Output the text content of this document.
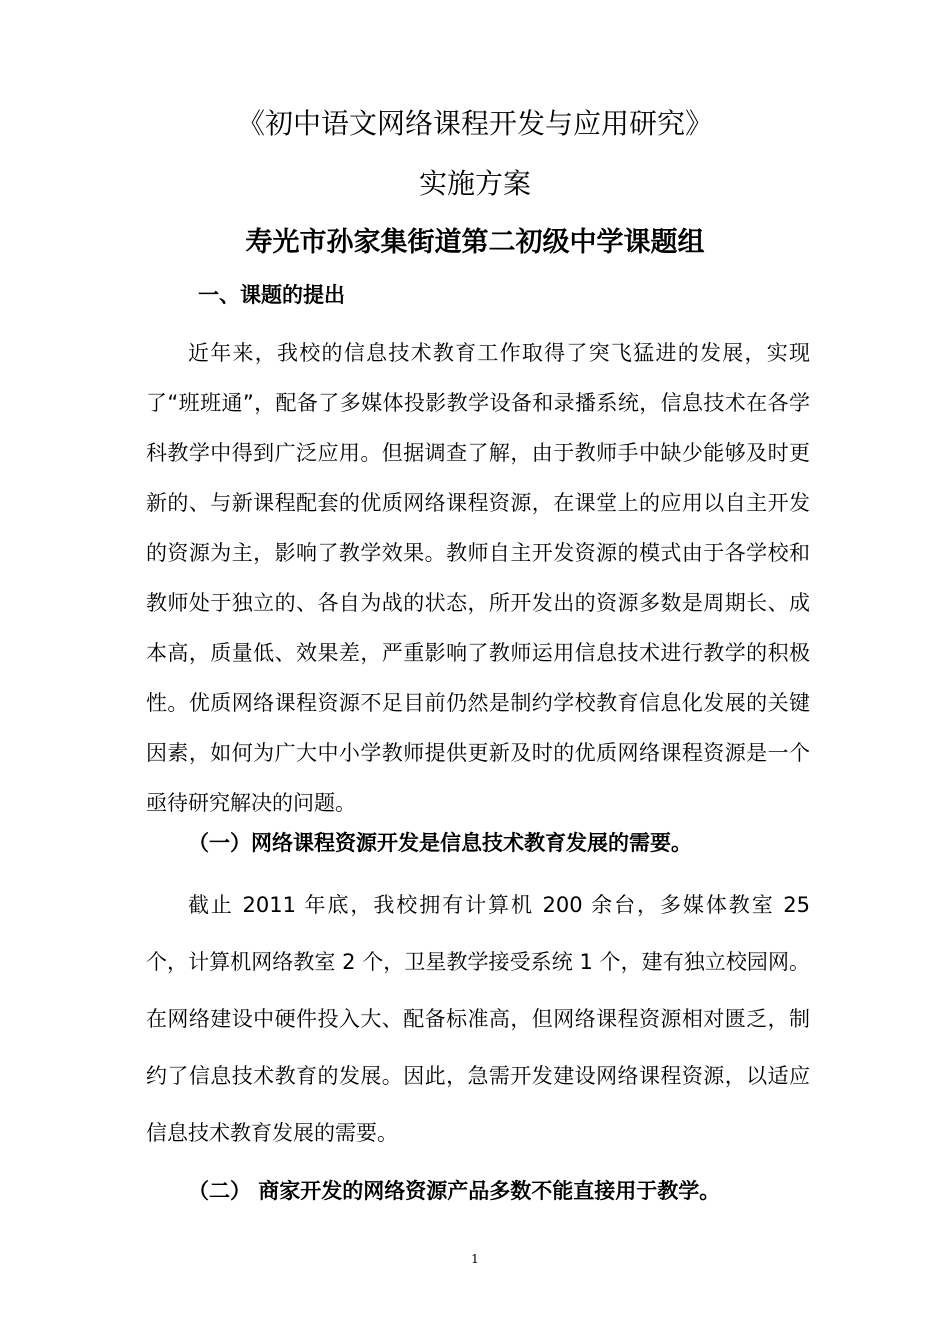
《初中语文网络课程开发与应用研究》
实施方案
寿光市孙家集街道第二初级中学课题组
一、课题的提出
近年来，我校的信息技术教育工作取得了突飞猛进的发展，实现了“班班通”，配备了多媒体投影教学设备和录播系统，信息技术在各学科教学中得到广泛应用。但据调查了解，由于教师手中缺少能够及时更新的、与新课程配套的优质网络课程资源，在课堂上的应用以自主开发的资源为主，影响了教学效果。教师自主开发资源的模式由于各学校和教师处于独立的、各自为战的状态，所开发出的资源多数是周期长、成本高，质量低、效果差，严重影响了教师运用信息技术进行教学的积极性。优质网络课程资源不足目前仍然是制约学校教育信息化发展的关键因素，如何为广大中小学教师提供更新及时的优质网络课程资源是一个亟待研究解决的问题。
（一）网络课程资源开发是信息技术教育发展的需要。
截止 2011 年底，我校拥有计算机 200 余台，多媒体教室 25 个，计算机网络教室 2 个，卫星教学接受系统 1 个，建有独立校园网。在网络建设中硬件投入大、配备标准高，但网络课程资源相对匮乏，制约了信息技术教育的发展。因此，急需开发建设网络课程资源，以适应信息技术教育发展的需要。
（二） 商家开发的网络资源产品多数不能直接用于教学。
1
